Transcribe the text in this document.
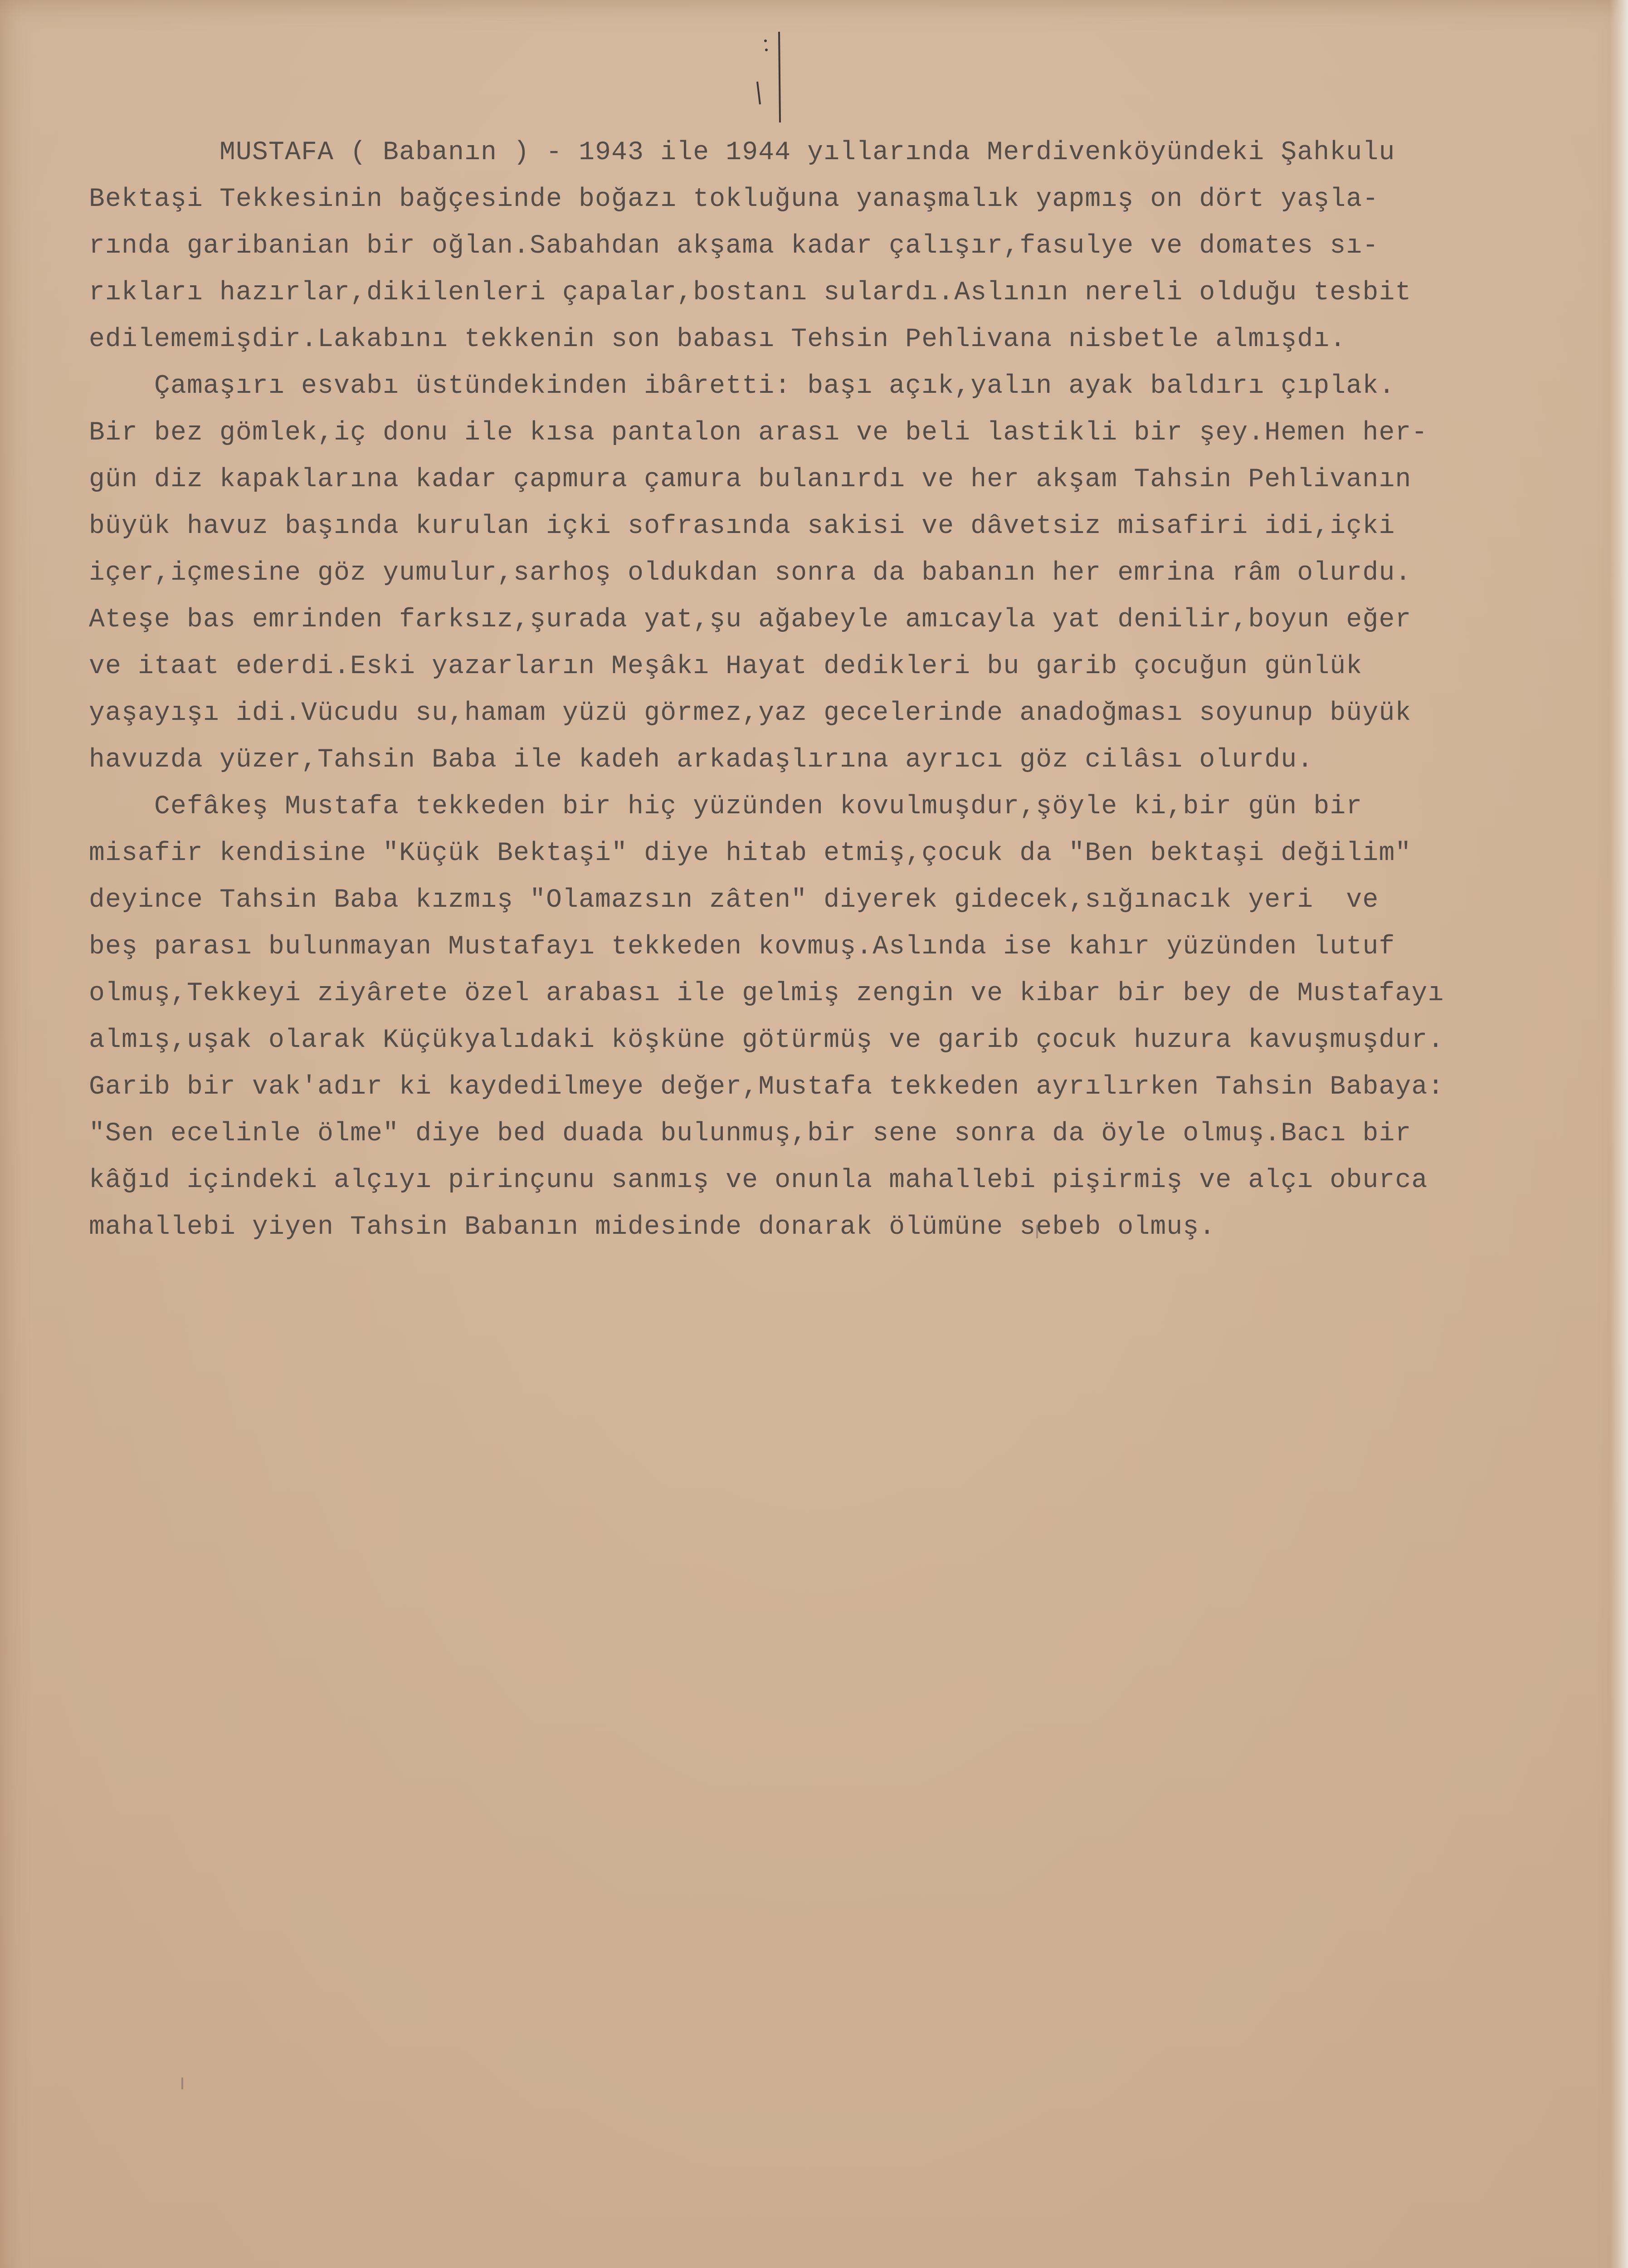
MUSTAFA ( Babanın ) - 1943 ile 1944 yıllarında Merdivenköyündeki Şahkulu
Bektaşi Tekkesinin bağçesinde boğazı tokluğuna yanaşmalık yapmış on dört yaşla-
rında garibanian bir oğlan.Sabahdan akşama kadar çalışır,fasulye ve domates sı-
rıkları hazırlar,dikilenleri çapalar,bostanı sulardı.Aslının nereli olduğu tesbit
edilememişdir.Lakabını tekkenin son babası Tehsin Pehlivana nisbetle almışdı.
Çamaşırı esvabı üstündekinden ibâretti: başı açık,yalın ayak baldırı çıplak.
Bir bez gömlek,iç donu ile kısa pantalon arası ve beli lastikli bir şey.Hemen her-
gün diz kapaklarına kadar çapmura çamura bulanırdı ve her akşam Tahsin Pehlivanın
büyük havuz başında kurulan içki sofrasında sakisi ve dâvetsiz misafiri idi,içki
içer,içmesine göz yumulur,sarhoş oldukdan sonra da babanın her emrina râm olurdu.
Ateşe bas emrinden farksız,şurada yat,şu ağabeyle amıcayla yat denilir,boyun eğer
ve itaat ederdi.Eski yazarların Meşâkı Hayat dedikleri bu garib çocuğun günlük
yaşayışı idi.Vücudu su,hamam yüzü görmez,yaz gecelerinde anadoğması soyunup büyük
havuzda yüzer,Tahsin Baba ile kadeh arkadaşlırına ayrıcı göz cilâsı olurdu.
Cefâkeş Mustafa tekkeden bir hiç yüzünden kovulmuşdur,şöyle ki,bir gün bir
misafir kendisine "Küçük Bektaşi" diye hitab etmiş,çocuk da "Ben bektaşi değilim"
deyince Tahsin Baba kızmış "Olamazsın zâten" diyerek gidecek,sığınacık yeri  ve
beş parası bulunmayan Mustafayı tekkeden kovmuş.Aslında ise kahır yüzünden lutuf
olmuş,Tekkeyi ziyârete özel arabası ile gelmiş zengin ve kibar bir bey de Mustafayı
almış,uşak olarak Küçükyalıdaki köşküne götürmüş ve garib çocuk huzura kavuşmuşdur.
Garib bir vak'adır ki kaydedilmeye değer,Mustafa tekkeden ayrılırken Tahsin Babaya:
"Sen ecelinle ölme" diye bed duada bulunmuş,bir sene sonra da öyle olmuş.Bacı bir
kâğıd içindeki alçıyı pirinçunu sanmış ve onunla mahallebi pişirmiş ve alçı oburca
mahallebi yiyen Tahsin Babanın midesinde donarak ölümüne sebeb olmuş.
